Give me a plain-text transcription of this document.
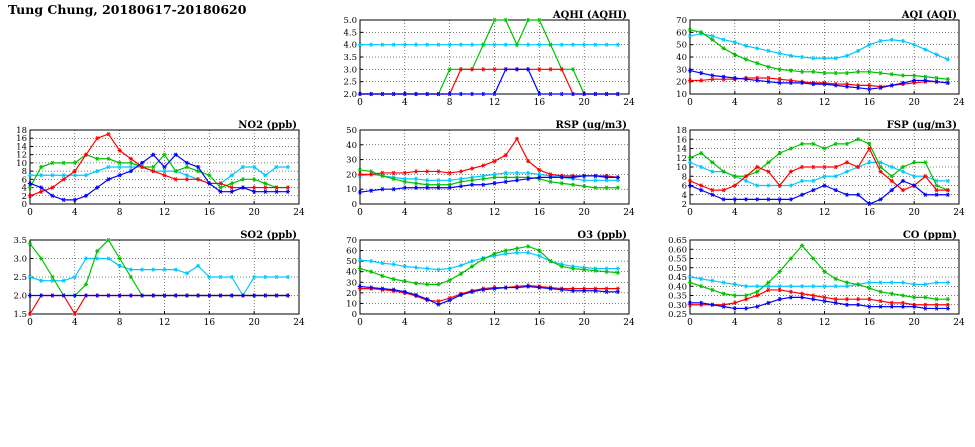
Tung Chung, 20180617-20180620
0	4	8	12	16	20	24
2.0
2.5
3.0
3.5
4.0
4.5
5.0	AQHI (AQHI)
0	4	8	12	16	20	24
10
20
30
40
50
60
70	AQI (AQI)
0	4	8	12	16	20	24
0
2
4
6
8
10
12
14
16
18	NO2 (ppb)
0	4	8	12	16	20	24
0
10
20
30
40
50	RSP (ug/m3)
0	4	8	12	16	20	24
2
4
6
8
10
12
14
16
18	FSP (ug/m3)
0	4	8	12	16	20	24
1.5
2.0
2.5
3.0
3.5	SO2 (ppb)
0	4	8	12	16	20	24
0
10
20
30
40
50
60
70	O3 (ppb)
0	4	8	12	16	20	24
0.25
0.30
0.35
0.40
0.45
0.50
0.55
0.60
0.65	CO (ppm)
